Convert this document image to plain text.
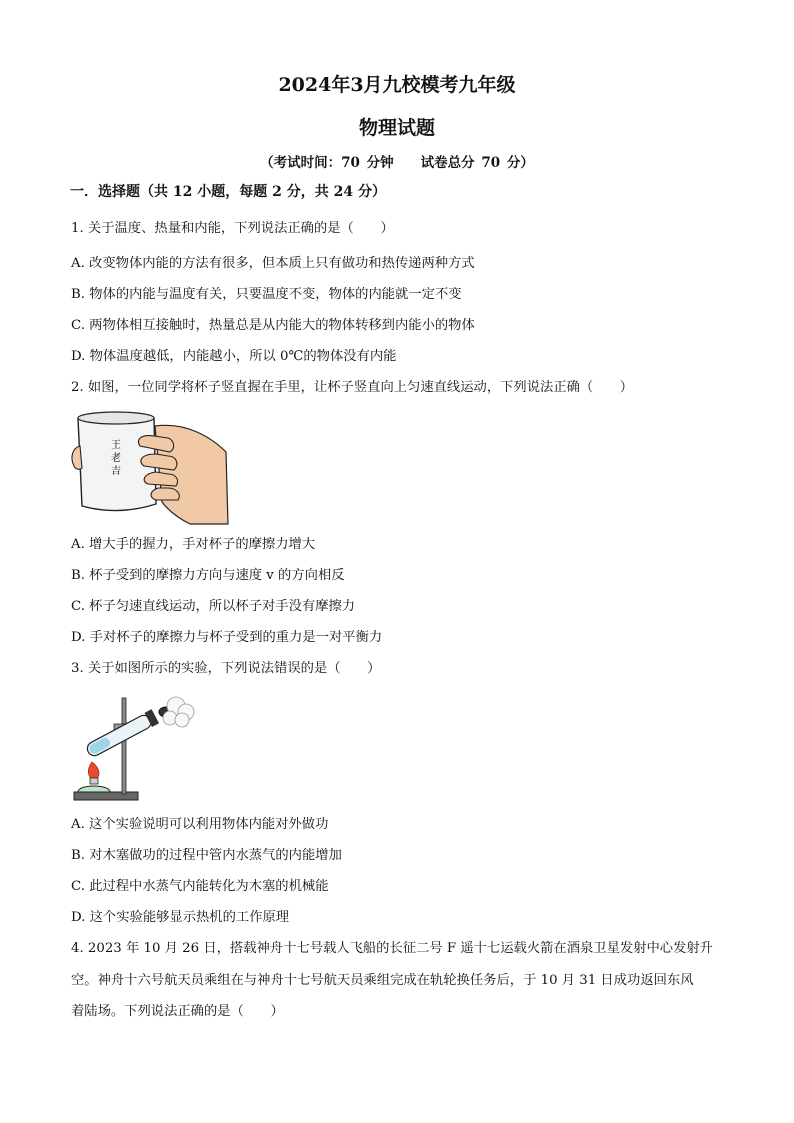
2024年3月九校模考九年级
物理试题
（考试时间：70 分钟　　试卷总分 70 分）
一．选择题（共 12 小题，每题 2 分，共 24 分）
1. 关于温度、热量和内能，下列说法正确的是（　　）
A. 改变物体内能的方法有很多，但本质上只有做功和热传递两种方式
B. 物体的内能与温度有关，只要温度不变，物体的内能就一定不变
C. 两物体相互接触时，热量总是从内能大的物体转移到内能小的物体
D. 物体温度越低，内能越小，所以 0℃的物体没有内能
2. 如图，一位同学将杯子竖直握在手里，让杯子竖直向上匀速直线运动，下列说法正确（　　）
王
老
吉
A. 增大手的握力，手对杯子的摩擦力增大
B. 杯子受到的摩擦力方向与速度 v 的方向相反
C. 杯子匀速直线运动，所以杯子对手没有摩擦力
D. 手对杯子的摩擦力与杯子受到的重力是一对平衡力
3. 关于如图所示的实验，下列说法错误的是（　　）
A. 这个实验说明可以利用物体内能对外做功
B. 对木塞做功的过程中管内水蒸气的内能增加
C. 此过程中水蒸气内能转化为木塞的机械能
D. 这个实验能够显示热机的工作原理
4. 2023 年 10 月 26 日，搭载神舟十七号载人飞船的长征二号 F 遥十七运载火箭在酒泉卫星发射中心发射升
空。神舟十六号航天员乘组在与神舟十七号航天员乘组完成在轨轮换任务后，于 10 月 31 日成功返回东风
着陆场。下列说法正确的是（　　）
